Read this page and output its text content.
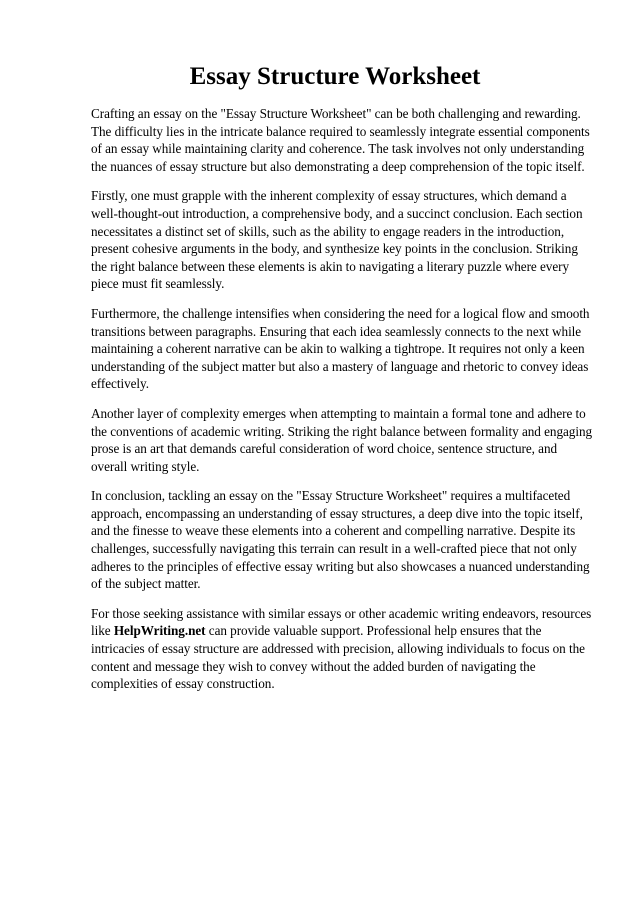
Essay Structure Worksheet

Crafting an essay on the "Essay Structure Worksheet" can be both challenging and rewarding. The difficulty lies in the intricate balance required to seamlessly integrate essential components of an essay while maintaining clarity and coherence. The task involves not only understanding the nuances of essay structure but also demonstrating a deep comprehension of the topic itself.

Firstly, one must grapple with the inherent complexity of essay structures, which demand a well-thought-out introduction, a comprehensive body, and a succinct conclusion. Each section necessitates a distinct set of skills, such as the ability to engage readers in the introduction, present cohesive arguments in the body, and synthesize key points in the conclusion. Striking the right balance between these elements is akin to navigating a literary puzzle where every piece must fit seamlessly.

Furthermore, the challenge intensifies when considering the need for a logical flow and smooth transitions between paragraphs. Ensuring that each idea seamlessly connects to the next while maintaining a coherent narrative can be akin to walking a tightrope. It requires not only a keen understanding of the subject matter but also a mastery of language and rhetoric to convey ideas effectively.

Another layer of complexity emerges when attempting to maintain a formal tone and adhere to the conventions of academic writing. Striking the right balance between formality and engaging prose is an art that demands careful consideration of word choice, sentence structure, and overall writing style.

In conclusion, tackling an essay on the "Essay Structure Worksheet" requires a multifaceted approach, encompassing an understanding of essay structures, a deep dive into the topic itself, and the finesse to weave these elements into a coherent and compelling narrative. Despite its challenges, successfully navigating this terrain can result in a well-crafted piece that not only adheres to the principles of effective essay writing but also showcases a nuanced understanding of the subject matter.

For those seeking assistance with similar essays or other academic writing endeavors, resources like HelpWriting.net can provide valuable support. Professional help ensures that the intricacies of essay structure are addressed with precision, allowing individuals to focus on the content and message they wish to convey without the added burden of navigating the complexities of essay construction.
